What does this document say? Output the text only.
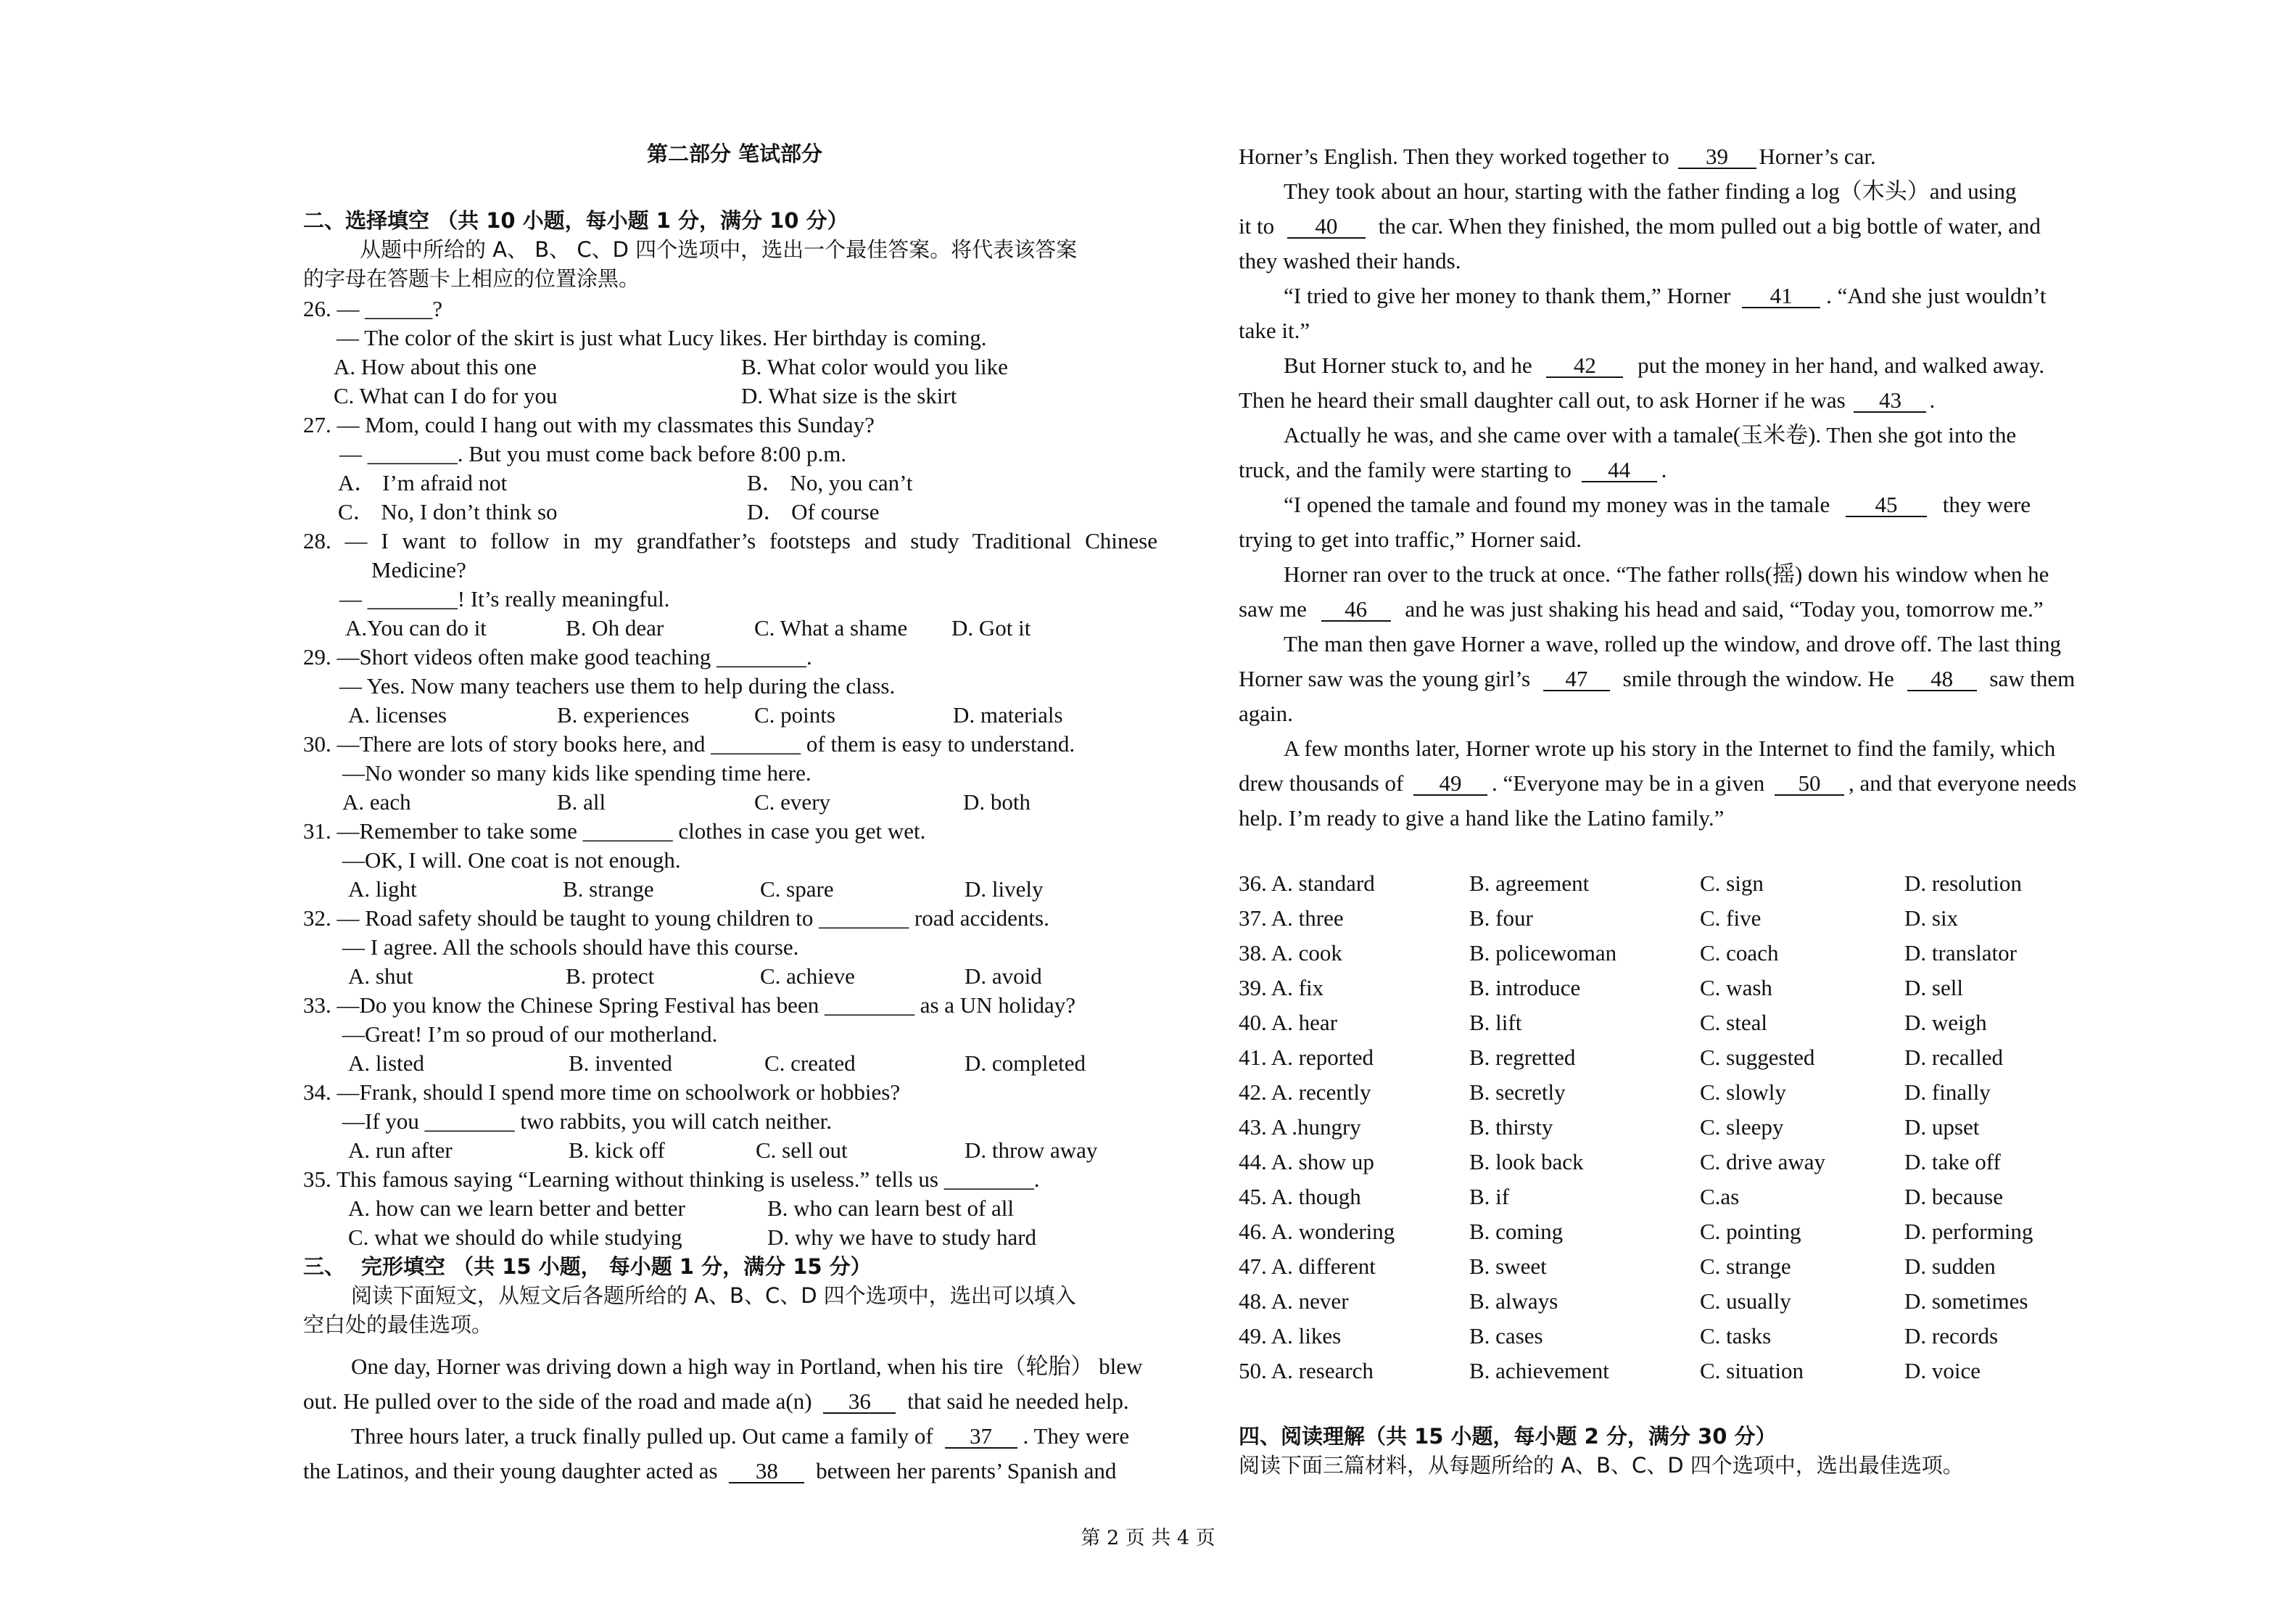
第二部分 笔试部分
二、选择填空 （共 10 小题，每小题 1 分，满分 10 分）
从题中所给的 A、 B、 C、D 四个选项中，选出一个最佳答案。将代表该答案
的字母在答题卡上相应的位置涂黑。
26. — ______?
— The color of the skirt is just what Lucy likes. Her birthday is coming.
A. How about this one	B. What color would you like
C. What can I do for you	D. What size is the skirt
27. — Mom, could I hang out with my classmates this Sunday?
— ________. But you must come back before 8:00 p.m.
A． I’m afraid not	B． No, you can’t
C． No, I don’t think so	D． Of course
28. — I want to follow in my grandfather’s footsteps and study Traditional Chinese
Medicine?
— ________! It’s really meaningful.
A.You can do it	B. Oh dear	C. What a shame D. Got it
29. —Short videos often make good teaching ________.
— Yes. Now many teachers use them to help during the class.
A. licenses	B. experiences	C. points	D. materials
30. —There are lots of story books here, and ________ of them is easy to understand.
—No wonder so many kids like spending time here.
A. each	B. all	C. every	D. both
31. —Remember to take some ________ clothes in case you get wet.
—OK, I will. One coat is not enough.
A. light	B. strange	C. spare	D. lively
32. — Road safety should be taught to young children to ________ road accidents.
— I agree. All the schools should have this course.
A. shut	B. protect	C. achieve	D. avoid
33. —Do you know the Chinese Spring Festival has been ________ as a UN holiday?
—Great! I’m so proud of our motherland.
A. listed	B. invented	C. created	D. completed
34. —Frank, should I spend more time on schoolwork or hobbies?
—If you ________ two rabbits, you will catch neither.
A. run after	B. kick off	C. sell out	D. throw away
35. This famous saying “Learning without thinking is useless.” tells us ________.
A. how can we learn better and better	B. who can learn best of all
C. what we should do while studying	D. why we have to study hard
三、 完形填空 （共 15 小题， 每小题 1 分，满分 15 分）
阅读下面短文，从短文后各题所给的 A、B、C、D 四个选项中，选出可以填入
空白处的最佳选项。
One day, Horner was driving down a high way in Portland, when his tire（轮胎） blew
out. He pulled over to the side of the road and made a(n) 36 that said he needed help.
Three hours later, a truck finally pulled up. Out came a family of 37 . They were
the Latinos, and their young daughter acted as 38 between her parents’ Spanish and
Horner’s English. Then they worked together to 39 Horner’s car.
They took about an hour, starting with the father finding a log（木头）and using
it to 40 the car. When they finished, the mom pulled out a big bottle of water, and
they washed their hands.
“I tried to give her money to thank them,” Horner 41 . “And she just wouldn’t
take it.”
But Horner stuck to, and he 42 put the money in her hand, and walked away.
Then he heard their small daughter call out, to ask Horner if he was 43 .
Actually he was, and she came over with a tamale(玉米卷). Then she got into the
truck, and the family were starting to 44 .
“I opened the tamale and found my money was in the tamale 45 they were
trying to get into traffic,” Horner said.
Horner ran over to the truck at once. “The father rolls(摇) down his window when he
saw me 46 and he was just shaking his head and said, “Today you, tomorrow me.”
The man then gave Horner a wave, rolled up the window, and drove off. The last thing
Horner saw was the young girl’s 47 smile through the window. He 48 saw them
again.
A few months later, Horner wrote up his story in the Internet to find the family, which
drew thousands of 49 . “Everyone may be in a given 50 , and that everyone needs
help. I’m ready to give a hand like the Latino family.”
36. A. standard	B. agreement	C. sign	D. resolution
37. A. three	B. four	C. five	D. six
38. A. cook	B. policewoman	C. coach	D. translator
39. A. fix	B. introduce	C. wash	D. sell
40. A. hear	B. lift	C. steal	D. weigh
41. A. reported	B. regretted	C. suggested	D. recalled
42. A. recently	B. secretly	C. slowly	D. finally
43. A .hungry	B. thirsty	C. sleepy	D. upset
44. A. show up	B. look back	C. drive away	D. take off
45. A. though	B. if	C.as	D. because
46. A. wondering	B. coming	C. pointing	D. performing
47. A. different	B. sweet	C. strange	D. sudden
48. A. never	B. always	C. usually	D. sometimes
49. A. likes	B. cases	C. tasks	D. records
50. A. research	B. achievement	C. situation	D. voice
四、阅读理解（共 15 小题，每小题 2 分，满分 30 分）
阅读下面三篇材料，从每题所给的 A、B、C、D 四个选项中，选出最佳选项。
第 2 页 共 4 页
